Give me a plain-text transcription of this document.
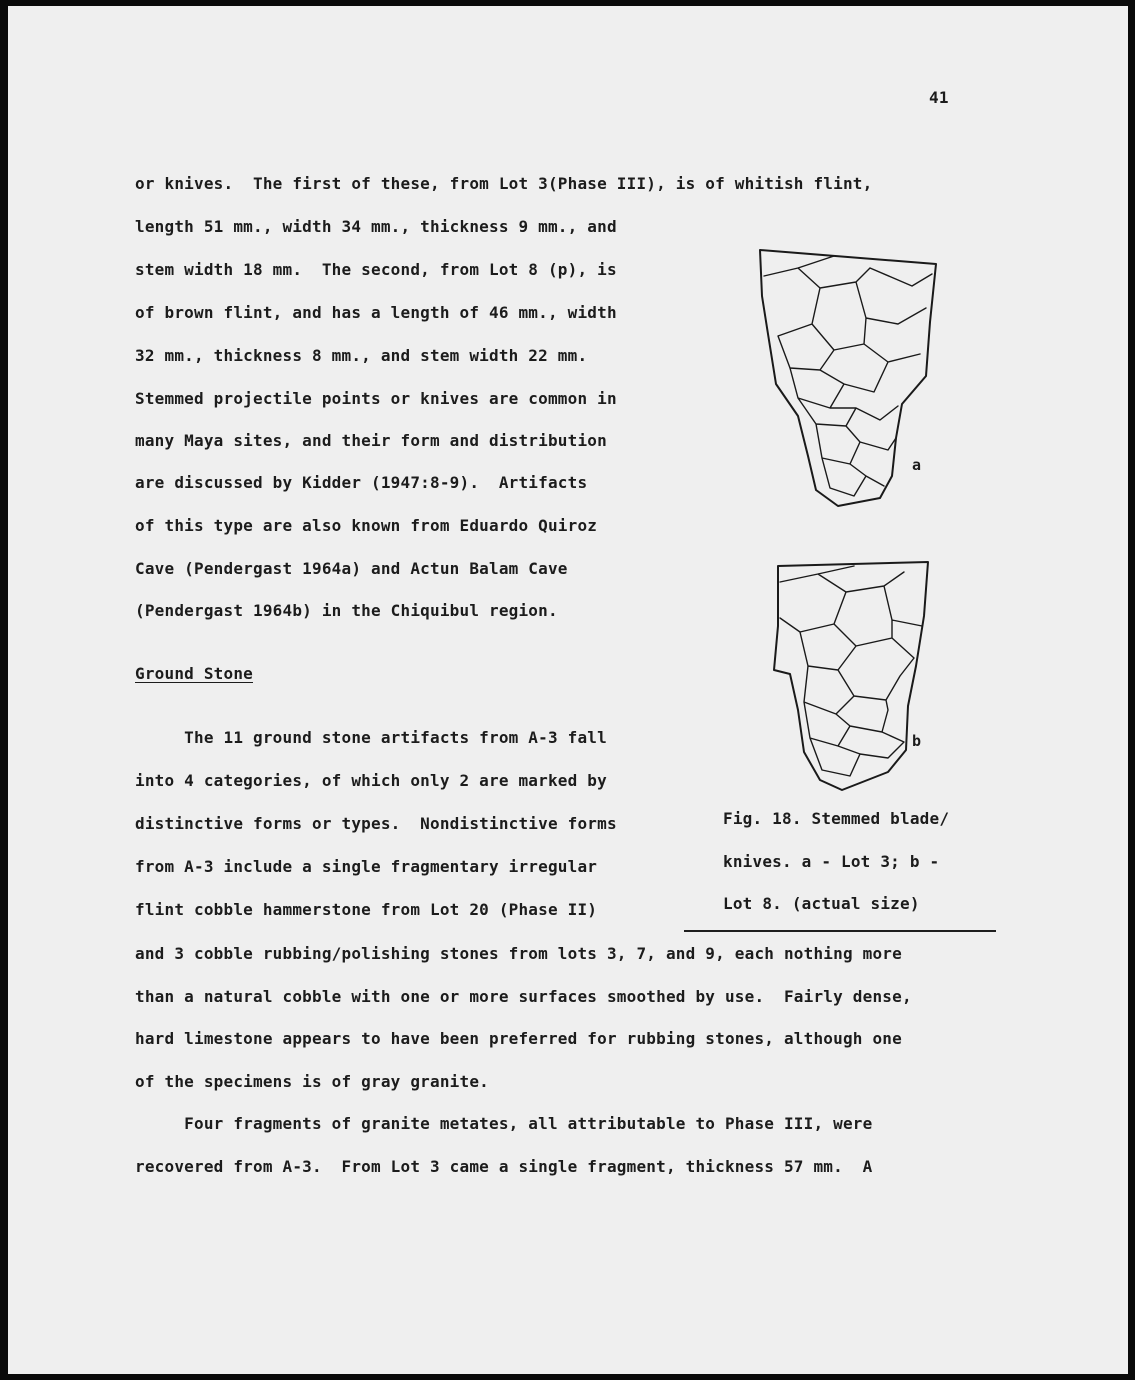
41
or knives.  The first of these, from Lot 3(Phase III), is of whitish flint,
length 51 mm., width 34 mm., thickness 9 mm., and
stem width 18 mm.  The second, from Lot 8 (p), is
of brown flint, and has a length of 46 mm., width
32 mm., thickness 8 mm., and stem width 22 mm.
Stemmed projectile points or knives are common in
many Maya sites, and their form and distribution
are discussed by Kidder (1947:8-9).  Artifacts
of this type are also known from Eduardo Quiroz
Cave (Pendergast 1964a) and Actun Balam Cave
(Pendergast 1964b) in the Chiquibul region.
Ground Stone
The 11 ground stone artifacts from A-3 fall
into 4 categories, of which only 2 are marked by
distinctive forms or types.  Nondistinctive forms
from A-3 include a single fragmentary irregular
flint cobble hammerstone from Lot 20 (Phase II)
and 3 cobble rubbing/polishing stones from lots 3, 7, and 9, each nothing more
than a natural cobble with one or more surfaces smoothed by use.  Fairly dense,
hard limestone appears to have been preferred for rubbing stones, although one
of the specimens is of gray granite.
Four fragments of granite metates, all attributable to Phase III, were
recovered from A-3.  From Lot 3 came a single fragment, thickness 57 mm.  A
a
b
Fig. 18. Stemmed blade/
knives. a - Lot 3; b -
Lot 8. (actual size)
